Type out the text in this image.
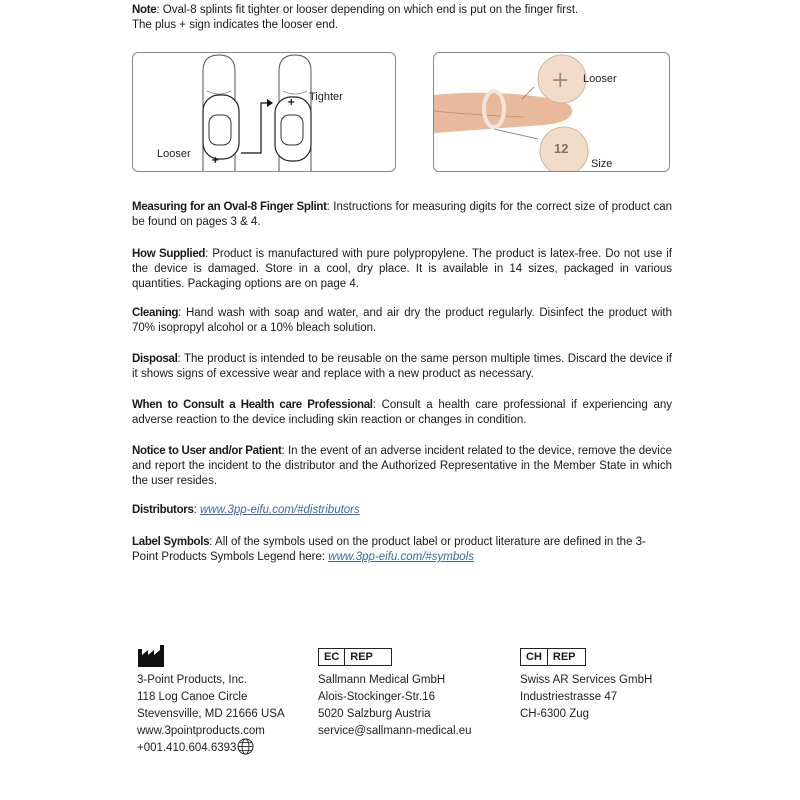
Note: Oval-8 splints fit tighter or looser depending on which end is put on the finger first.
The plus + sign indicates the looser end.
+
+ Tighter
Looser
+
12
Looser
Size
Measuring for an Oval-8 Finger Splint: Instructions for measuring digits for the correct size of product can be found on pages 3 & 4.
How Supplied: Product is manufactured with pure polypropylene. The product is latex-free. Do not use if the device is damaged. Store in a cool, dry place. It is available in 14 sizes, packaged in various quantities. Packaging options are on page 4.
Cleaning: Hand wash with soap and water, and air dry the product regularly. Disinfect the product with 70% isopropyl alcohol or a 10% bleach solution.
Disposal: The product is intended to be reusable on the same person multiple times. Discard the device if it shows signs of excessive wear and replace with a new product as necessary.
When to Consult a Health care Professional: Consult a health care professional if experiencing any adverse reaction to the device including skin reaction or changes in condition.
Notice to User and/or Patient: In the event of an adverse incident related to the device, remove the device and report the incident to the distributor and the Authorized Representative in the Member State in which the user resides.
Distributors: www.3pp-eifu.com/#distributors
Label Symbols: All of the symbols used on the product label or product literature are defined in the 3-Point Products Symbols Legend here: www.3pp-eifu.com/#symbols
3-Point Products, Inc.
118 Log Canoe Circle
Stevensville, MD 21666 USA
www.3pointproducts.com
+001.410.604.6393
EC	REP
Sallmann Medical GmbH
Alois-Stockinger-Str.16
5020 Salzburg Austria
service@sallmann-medical.eu
CH	REP
Swiss AR Services GmbH
Industriestrasse 47
CH-6300 Zug
